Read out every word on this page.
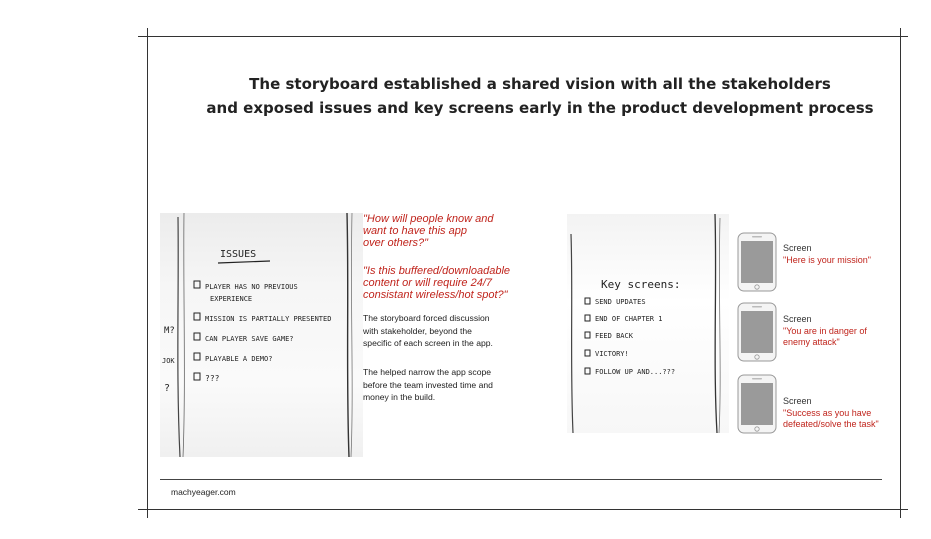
The storyboard established a shared vision with all the stakeholders
and exposed issues and key screens early in the product development process
ISSUES
PLAYER HAS NO PREVIOUS
EXPERIENCE
MISSION IS PARTIALLY PRESENTED
CAN PLAYER SAVE GAME?
PLAYABLE A DEMO?
???
M?
JOK
?
"How will people know and
want to have this app
over others?"
"Is this buffered/downloadable
content or will require 24/7
consistant wireless/hot spot?"
The storyboard forced discussion
with stakeholder, beyond the
specific of each screen in the app.
The helped narrow the app scope
before the team invested time and
money in the build.
Key screens:
SEND UPDATES
END OF CHAPTER 1
FEED BACK
VICTORY!
FOLLOW UP AND...???
Screen
"Here is your mission"
Screen
"You are in danger of
enemy attack"
Screen
"Success as you have
defeated/solve the task"
machyeager.com
